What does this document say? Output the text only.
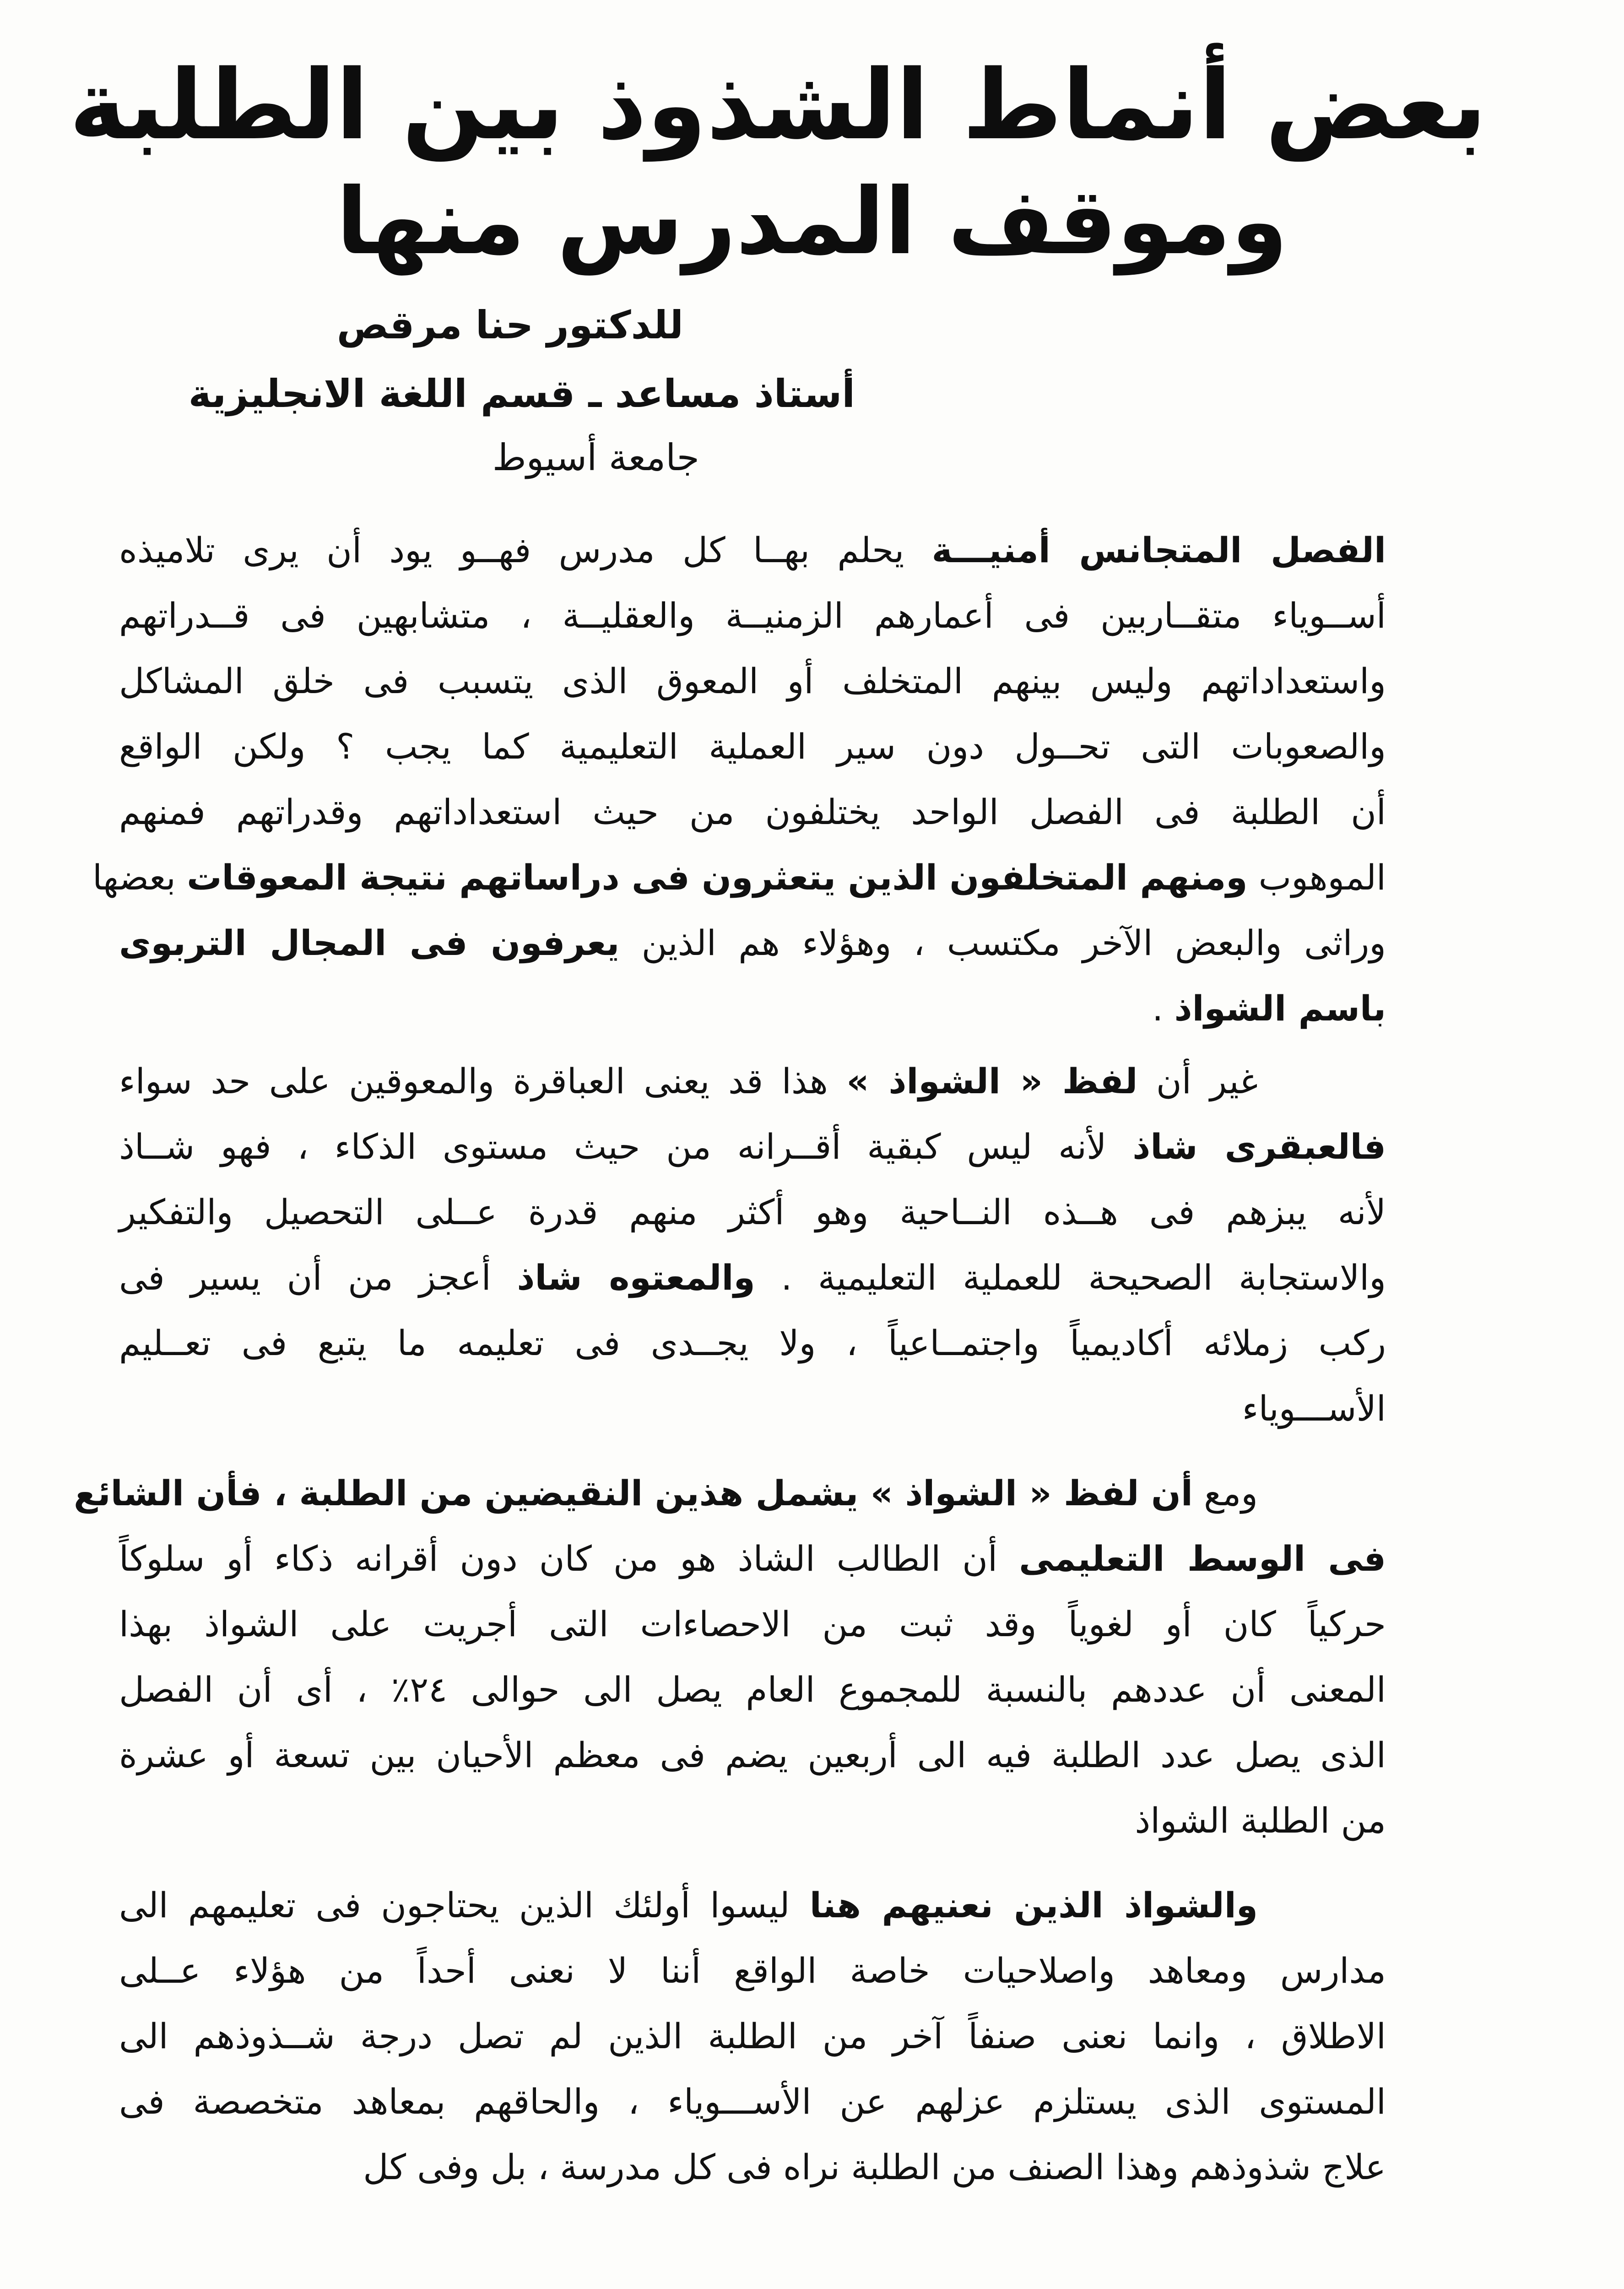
بعض أنماط الشذوذ بين الطلبة
وموقف المدرس منها

للدكتور حنا مرقص

أستاذ مساعد ـ قسم اللغة الانجليزية

جامعة أسيوط

الفصل المتجانس أمنيـــة يحلم بهــا كل مدرس فهــو يود أن يرى تلاميذه
أســوياء متقــاربين فى أعمارهم الزمنيــة والعقليــة ، متشابهين فى قــدراتهم
واستعداداتهم وليس بينهم المتخلف أو المعوق الذى يتسبب فى خلق المشاكل
والصعوبات التى تحــول دون سير العملية التعليمية كما يجب ؟ ولكن الواقع
أن الطلبة فى الفصل الواحد يختلفون من حيث استعداداتهم وقدراتهم فمنهم
الموهوب ومنهم المتخلفون الذين يتعثرون فى دراساتهم نتيجة المعوقات بعضها
وراثى والبعض الآخر مكتسب ، وهؤلاء هم الذين يعرفون فى المجال التربوى
باسم الشواذ .
غير أن لفظ « الشواذ » هذا قد يعنى العباقرة والمعوقين على حد سواء
فالعبقرى شاذ لأنه ليس كبقية أقــرانه من حيث مستوى الذكاء ، فهو شــاذ
لأنه يبزهم فى هــذه النــاحية وهو أكثر منهم قدرة عــلى التحصيل والتفكير
والاستجابة الصحيحة للعملية التعليمية . والمعتوه شاذ أعجز من أن يسير فى
ركب زملائه أكاديمياً واجتمــاعياً ، ولا يجــدى فى تعليمه ما يتبع فى تعــليم
الأســـوياء
ومع أن لفظ « الشواذ » يشمل هذين النقيضين من الطلبة ، فأن الشائع
فى الوسط التعليمى أن الطالب الشاذ هو من كان دون أقرانه ذكاء أو سلوكاً
حركياً كان أو لغوياً وقد ثبت من الاحصاءات التى أجريت على الشواذ بهذا
المعنى أن عددهم بالنسبة للمجموع العام يصل الى حوالى ٢٤٪ ، أى أن الفصل
الذى يصل عدد الطلبة فيه الى أربعين يضم فى معظم الأحيان بين تسعة أو عشرة
من الطلبة الشواذ
والشواذ الذين نعنيهم هنا ليسوا أولئك الذين يحتاجون فى تعليمهم الى
مدارس ومعاهد واصلاحيات خاصة الواقع أننا لا نعنى أحداً من هؤلاء عــلى
الاطلاق ، وانما نعنى صنفاً آخر من الطلبة الذين لم تصل درجة شــذوذهم الى
المستوى الذى يستلزم عزلهم عن الأســـوياء ، والحاقهم بمعاهد متخصصة فى
علاج شذوذهم وهذا الصنف من الطلبة نراه فى كل مدرسة ، بل وفى كل
